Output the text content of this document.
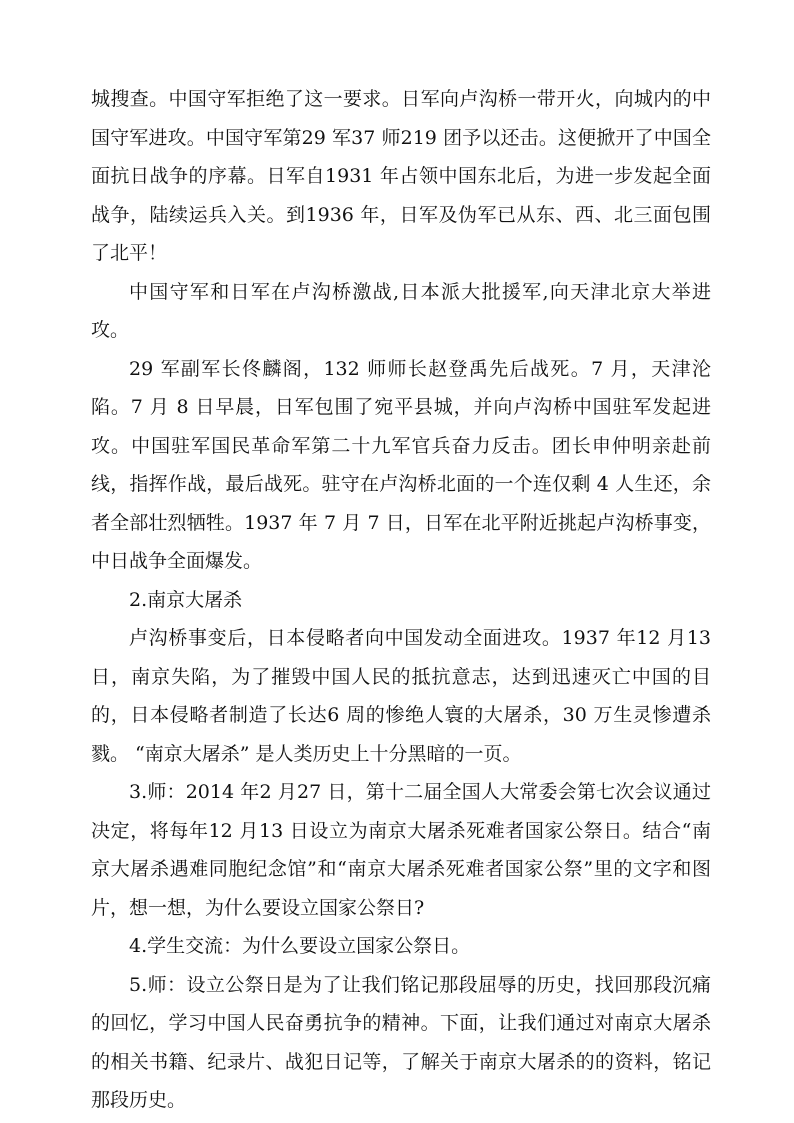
城搜查。中国守军拒绝了这一要求。日军向卢沟桥一带开火，向城内的中国守军进攻。中国守军第29 军37 师219 团予以还击。这便掀开了中国全面抗日战争的序幕。日军自1931 年占领中国东北后，为进一步发起全面战争，陆续运兵入关。到1936 年，日军及伪军已从东、西、北三面包围了北平！

中国守军和日军在卢沟桥激战,日本派大批援军,向天津北京大举进攻。

29 军副军长佟麟阁，132 师师长赵登禹先后战死。7 月，天津沦陷。7 月 8 日早晨，日军包围了宛平县城，并向卢沟桥中国驻军发起进攻。中国驻军国民革命军第二十九军官兵奋力反击。团长申仲明亲赴前线，指挥作战，最后战死。驻守在卢沟桥北面的一个连仅剩 4 人生还，余者全部壮烈牺牲。1937 年 7 月 7 日，日军在北平附近挑起卢沟桥事变，中日战争全面爆发。

2.南京大屠杀

卢沟桥事变后，日本侵略者向中国发动全面进攻。1937 年12 月13 日，南京失陷，为了摧毁中国人民的抵抗意志，达到迅速灭亡中国的目的，日本侵略者制造了长达6 周的惨绝人寰的大屠杀，30 万生灵惨遭杀戮。 “南京大屠杀” 是人类历史上十分黑暗的一页。

3.师：2014 年2 月27 日，第十二届全国人大常委会第七次会议通过决定，将每年12 月13 日设立为南京大屠杀死难者国家公祭日。结合“南京大屠杀遇难同胞纪念馆”和“南京大屠杀死难者国家公祭”里的文字和图片，想一想，为什么要设立国家公祭日?

4.学生交流：为什么要设立国家公祭日。

5.师：设立公祭日是为了让我们铭记那段屈辱的历史，找回那段沉痛的回忆，学习中国人民奋勇抗争的精神。下面，让我们通过对南京大屠杀的相关书籍、纪录片、战犯日记等，了解关于南京大屠杀的的资料，铭记那段历史。
